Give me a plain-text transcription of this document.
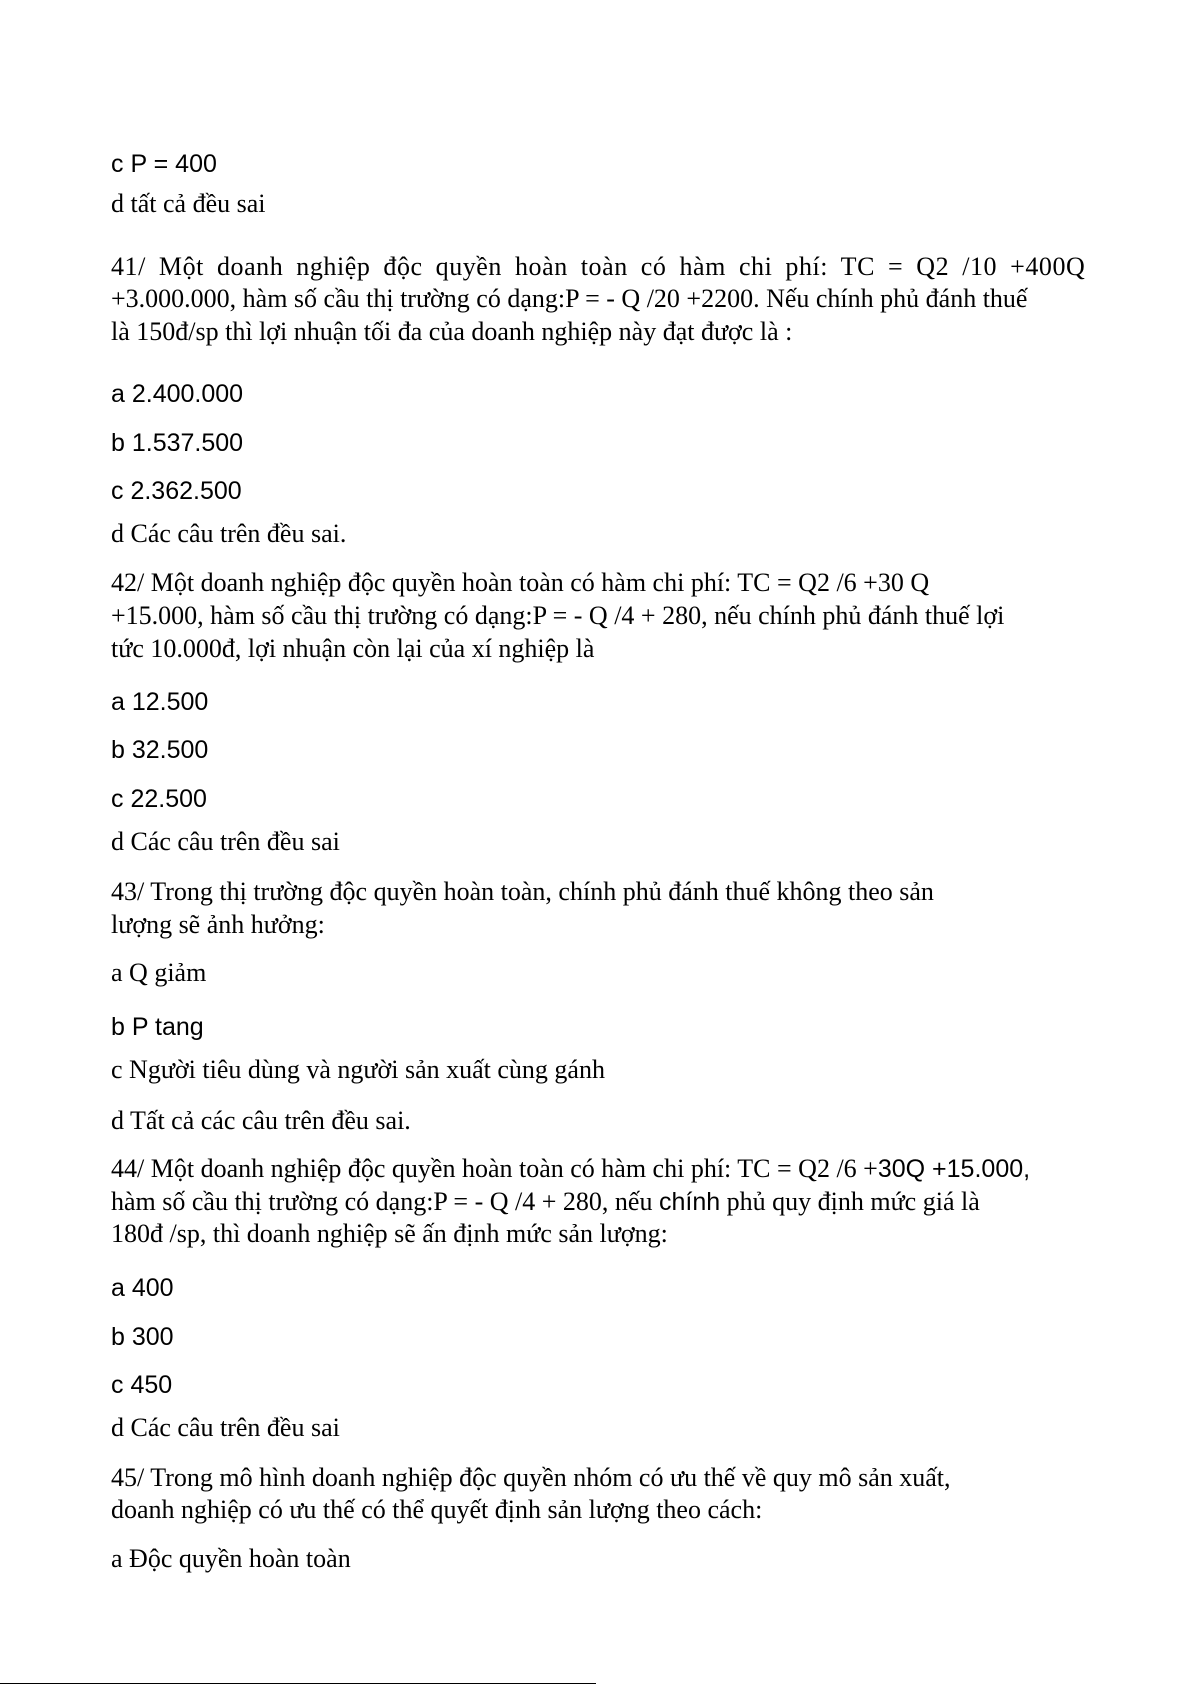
c P = 400
d tất cả đều sai
41/ Một doanh nghiệp độc quyền hoàn toàn có hàm chi phí: TC = Q2 /10 +400Q
+3.000.000, hàm số cầu thị trường có dạng:P = - Q /20 +2200. Nếu chính phủ đánh thuế
là 150đ/sp thì lợi nhuận tối đa của doanh nghiệp này đạt được là :
a 2.400.000
b 1.537.500
c 2.362.500
d Các câu trên đều sai.
42/ Một doanh nghiệp độc quyền hoàn toàn có hàm chi phí: TC = Q2 /6 +30 Q
+15.000, hàm số cầu thị trường có dạng:P = - Q /4 + 280, nếu chính phủ đánh thuế lợi
tức 10.000đ, lợi nhuận còn lại của xí nghiệp là
a 12.500
b 32.500
c 22.500
d Các câu trên đều sai
43/ Trong thị trường độc quyền hoàn toàn, chính phủ đánh thuế không theo sản
lượng sẽ ảnh hưởng:
a Q giảm
b P tang
c Người tiêu dùng và người sản xuất cùng gánh
d Tất cả các câu trên đều sai.
44/ Một doanh nghiệp độc quyền hoàn toàn có hàm chi phí: TC = Q2 /6 +30Q +15.000,
hàm số cầu thị trường có dạng:P = - Q /4 + 280, nếu chính phủ quy định mức giá là
180đ /sp, thì doanh nghiệp sẽ ấn định mức sản lượng:
a 400
b 300
c 450
d Các câu trên đều sai
45/ Trong mô hình doanh nghiệp độc quyền nhóm có ưu thế về quy mô sản xuất,
doanh nghiệp có ưu thế có thể quyết định sản lượng theo cách:
a Độc quyền hoàn toàn
